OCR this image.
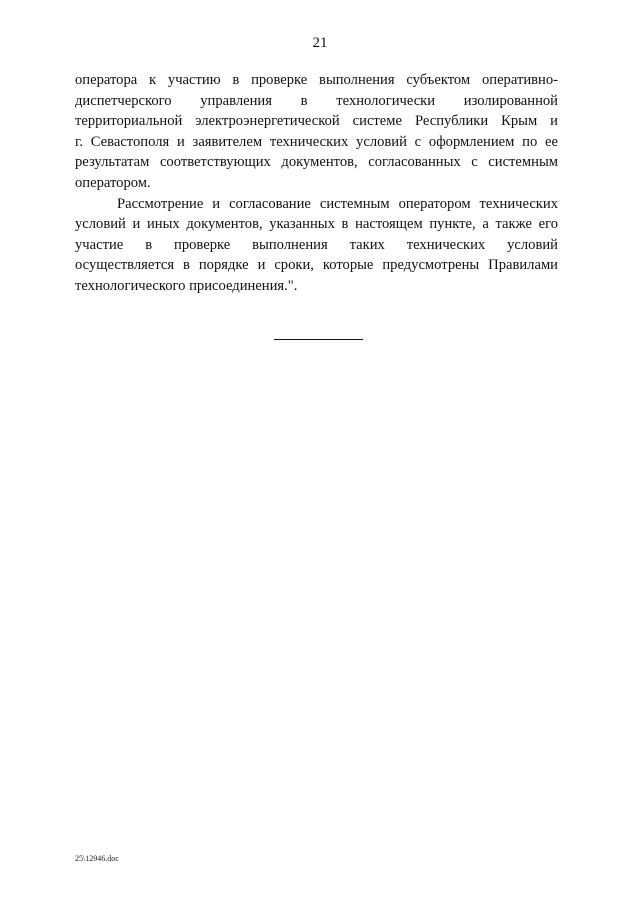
21

оператора к участию в проверке выполнения субъектом оперативно-
диспетчерского управления в технологически изолированной
территориальной электроэнергетической системе Республики Крым и
г. Севастополя и заявителем технических условий с оформлением по ее
результатам соответствующих документов, согласованных с системным
оператором.

Рассмотрение и согласование системным оператором технических
условий и иных документов, указанных в настоящем пункте, а также его
участие в проверке выполнения таких технических условий
осуществляется в порядке и сроки, которые предусмотрены Правилами
технологического присоединения.".

25\12946.doc
